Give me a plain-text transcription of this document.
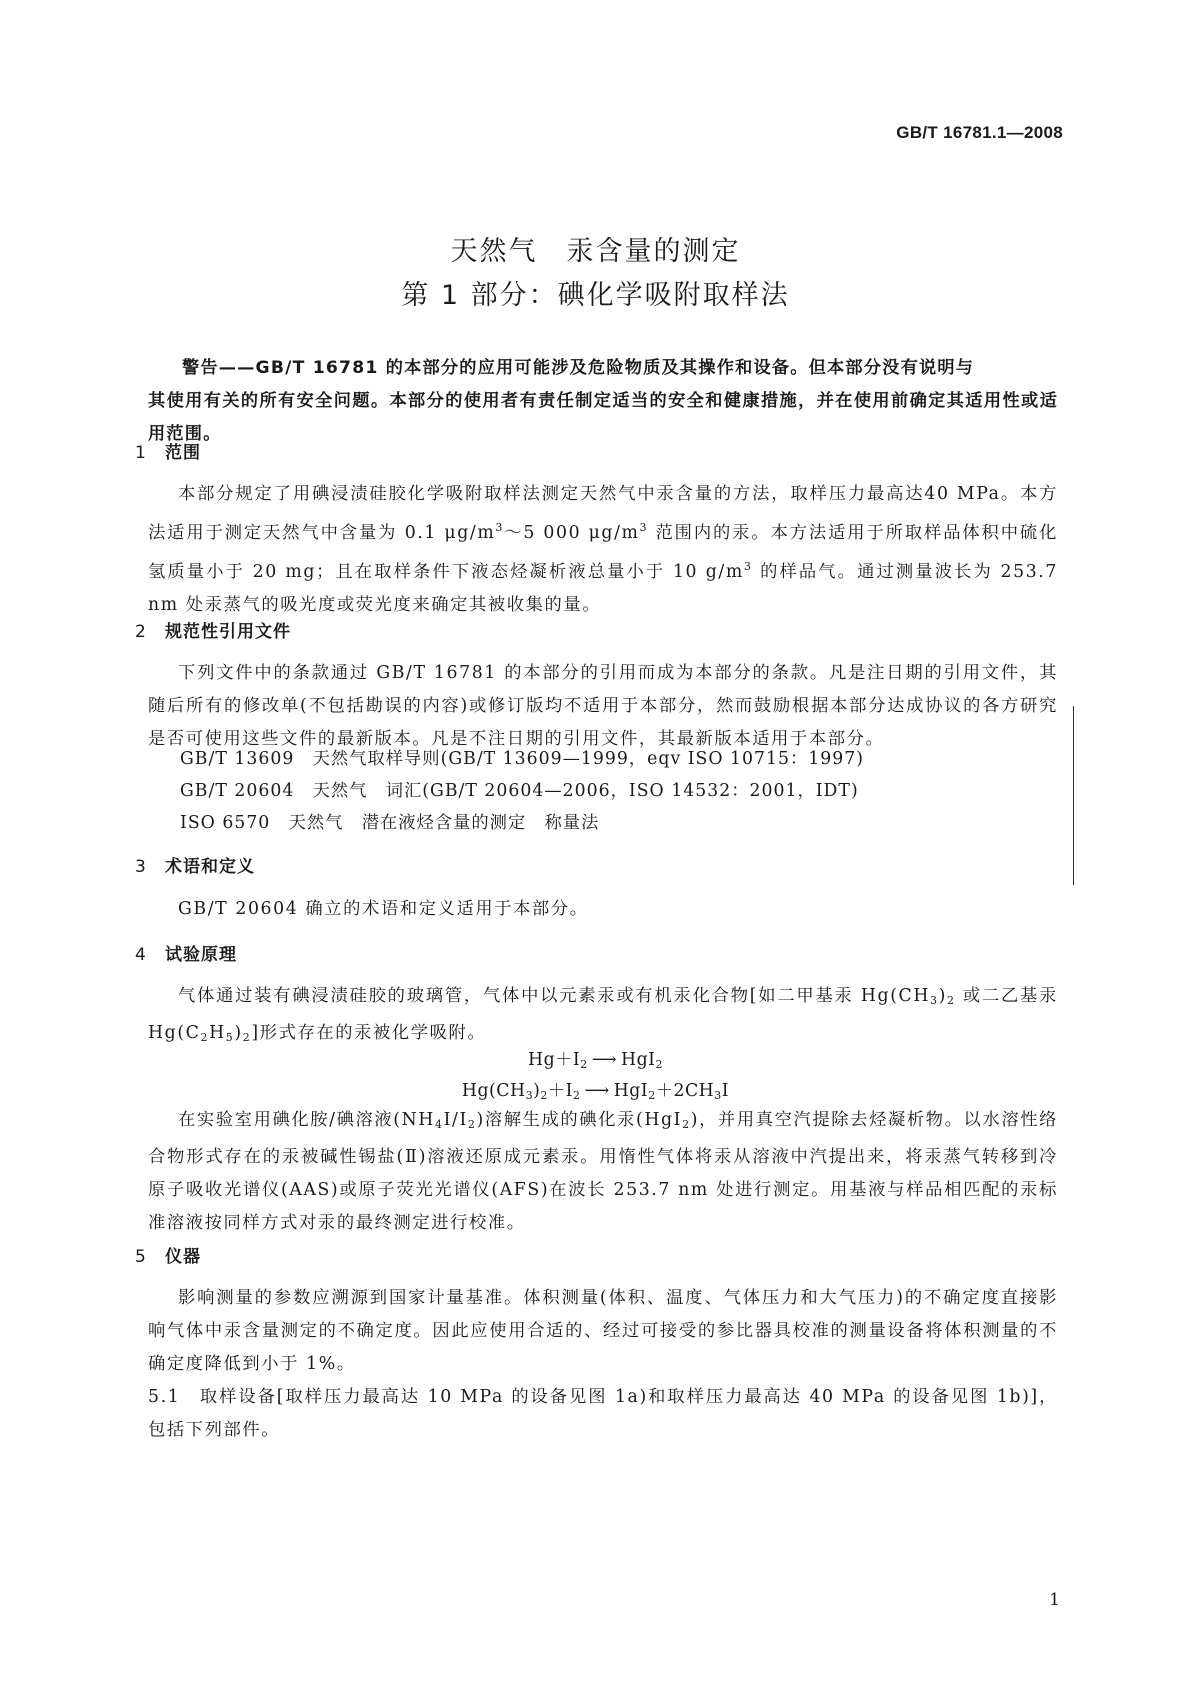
GB/T 16781.1—2008
天然气　汞含量的测定
第 1 部分：碘化学吸附取样法
警告——GB/T 16781 的本部分的应用可能涉及危险物质及其操作和设备。但本部分没有说明与
其使用有关的所有安全问题。本部分的使用者有责任制定适当的安全和健康措施，并在使用前确定其适用性或适用范围。
1 范围
本部分规定了用碘浸渍硅胶化学吸附取样法测定天然气中汞含量的方法，取样压力最高达40 MPa。本方法适用于测定天然气中含量为 0.1 $\mu g/m^3\sim 5$ 000 $\mu g/m^3$ 范围内的汞。本方法适用于所取样品体积中硫化氢质量小于 20 mg；且在取样条件下液态烃凝析液总量小于 10 $g/m^3$ 的样品气。通过测量波长为 253.7 nm 处汞蒸气的吸光度或荧光度来确定其被收集的量。
2 规范性引用文件
下列文件中的条款通过 GB/T 16781 的本部分的引用而成为本部分的条款。凡是注日期的引用文件，其随后所有的修改单(不包括勘误的内容)或修订版均不适用于本部分，然而鼓励根据本部分达成协议的各方研究是否可使用这些文件的最新版本。凡是不注日期的引用文件，其最新版本适用于本部分。
GB/T 13609　天然气取样导则(GB/T 13609—1999，eqv ISO 10715：1997)
GB/T 20604　天然气　词汇(GB/T 20604—2006，ISO 14532：2001，IDT)
ISO 6570　天然气　潜在液烃含量的测定　称量法
3 术语和定义
GB/T 20604 确立的术语和定义适用于本部分。
4 试验原理
气体通过装有碘浸渍硅胶的玻璃管，气体中以元素汞或有机汞化合物[如二甲基汞 $Hg(CH_3)_2$ 或二乙基汞 $Hg(C_2H_5)_2$]形式存在的汞被化学吸附。
$Hg+I_2$ ⟶ HgI$_2$
$Hg(CH_3)_2+I_2$ ⟶ $HgI_2+2CH_3I$
在实验室用碘化胺/碘溶液$(NH_4I/I_2)$溶解生成的碘化汞(HgI$_2$)，并用真空汽提除去烃凝析物。以水溶性络合物形式存在的汞被碱性锡盐(Ⅱ)溶液还原成元素汞。用惰性气体将汞从溶液中汽提出来，将汞蒸气转移到冷原子吸收光谱仪(AAS)或原子荧光光谱仪(AFS)在波长 253.7 nm 处进行测定。用基液与样品相匹配的汞标准溶液按同样方式对汞的最终测定进行校准。
5 仪器
影响测量的参数应溯源到国家计量基准。体积测量(体积、温度、气体压力和大气压力)的不确定度直接影响气体中汞含量测定的不确定度。因此应使用合适的、经过可接受的参比器具校准的测量设备将体积测量的不确定度降低到小于 1%。
5.1　取样设备[取样压力最高达 10 MPa 的设备见图 1a)和取样压力最高达 40 MPa 的设备见图 1b)]，包括下列部件。
1
